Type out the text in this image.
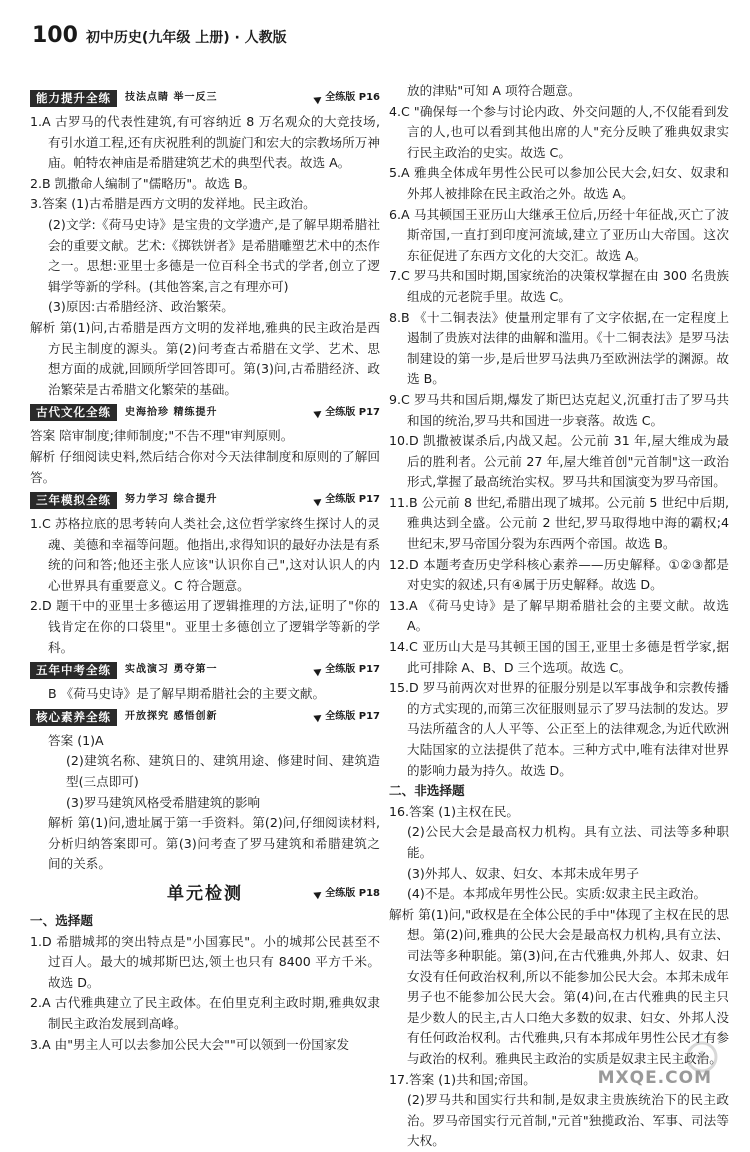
100 初中历史(九年级 上册) · 人教版
能力提升全练	技法点睛 举一反三	全练版 P16

1.A 古罗马的代表性建筑,有可容纳近 8 万名观众的大竞技场,有引水道工程,还有庆祝胜利的凯旋门和宏大的宗教场所万神庙。帕特农神庙是希腊建筑艺术的典型代表。故选 A。

2.B 凯撒命人编制了"儒略历"。故选 B。

3.答案 (1)古希腊是西方文明的发祥地。民主政治。

(2)文学:《荷马史诗》是宝贵的文学遗产,是了解早期希腊社会的重要文献。艺术:《掷铁饼者》是希腊雕塑艺术中的杰作之一。思想:亚里士多德是一位百科全书式的学者,创立了逻辑学等新的学科。(其他答案,言之有理亦可)

(3)原因:古希腊经济、政治繁荣。

解析 第(1)问,古希腊是西方文明的发祥地,雅典的民主政治是西方民主制度的源头。第(2)问考查古希腊在文学、艺术、思想方面的成就,回顾所学回答即可。第(3)问,古希腊经济、政治繁荣是古希腊文化繁荣的基础。

古代文化全练	史海拾珍 精练提升	全练版 P17

答案 陪审制度;律师制度;"不告不理"审判原则。

解析 仔细阅读史料,然后结合你对今天法律制度和原则的了解回答。

三年模拟全练	努力学习 综合提升	全练版 P17

1.C 苏格拉底的思考转向人类社会,这位哲学家终生探讨人的灵魂、美德和幸福等问题。他指出,求得知识的最好办法是有系统的问和答;他还主张人应该"认识你自己",这对认识人的内心世界具有重要意义。C 符合题意。

2.D 题干中的亚里士多德运用了逻辑推理的方法,证明了"你的钱肯定在你的口袋里"。亚里士多德创立了逻辑学等新的学科。

五年中考全练	实战演习 勇夺第一	全练版 P17

B 《荷马史诗》是了解早期希腊社会的主要文献。

核心素养全练	开放探究 感悟创新	全练版 P17

答案 (1)A

(2)建筑名称、建筑日的、建筑用途、修建时间、建筑造型(三点即可)

(3)罗马建筑风格受希腊建筑的影响

解析 第(1)问,遗址属于第一手资料。第(2)问,仔细阅读材料,分析归纳答案即可。第(3)问考查了罗马建筑和希腊建筑之间的关系。

单元检测	全练版 P18

一、选择题

1.D 希腊城邦的突出特点是"小国寡民"。小的城邦公民甚至不过百人。最大的城邦斯巴达,领土也只有 8400 平方千米。故选 D。

2.A 古代雅典建立了民主政体。在伯里克利主政时期,雅典奴隶制民主政治发展到高峰。

3.A 由"男主人可以去参加公民大会""可以领到一份国家发

放的津贴"可知 A 项符合题意。

4.C "确保每一个参与讨论内政、外交问题的人,不仅能看到发言的人,也可以看到其他出席的人"充分反映了雅典奴隶实行民主政治的史实。故选 C。

5.A 雅典全体成年男性公民可以参加公民大会,妇女、奴隶和外邦人被排除在民主政治之外。故选 A。

6.A 马其顿国王亚历山大继承王位后,历经十年征战,灭亡了波斯帝国,一直打到印度河流域,建立了亚历山大帝国。这次东征促进了东西方文化的大交汇。故选 A。

7.C 罗马共和国时期,国家统治的决策权掌握在由 300 名贵族组成的元老院手里。故选 C。

8.B 《十二铜表法》使量刑定罪有了文字依据,在一定程度上遏制了贵族对法律的曲解和滥用。《十二铜表法》是罗马法制建设的第一步,是后世罗马法典乃至欧洲法学的渊源。故选 B。

9.C 罗马共和国后期,爆发了斯巴达克起义,沉重打击了罗马共和国的统治,罗马共和国进一步衰落。故选 C。

10.D 凯撒被谋杀后,内战又起。公元前 31 年,屋大维成为最后的胜利者。公元前 27 年,屋大维首创"元首制"这一政治形式,掌握了最高统治实权。罗马共和国演变为罗马帝国。

11.B 公元前 8 世纪,希腊出现了城邦。公元前 5 世纪中后期,雅典达到全盛。公元前 2 世纪,罗马取得地中海的霸权;4 世纪末,罗马帝国分裂为东西两个帝国。故选 B。

12.D 本题考查历史学科核心素养——历史解释。①②③都是对史实的叙述,只有④属于历史解释。故选 D。

13.A 《荷马史诗》是了解早期希腊社会的主要文献。故选 A。

14.C 亚历山大是马其顿王国的国王,亚里士多德是哲学家,据此可排除 A、B、D 三个选项。故选 C。

15.D 罗马前两次对世界的征服分别是以军事战争和宗教传播的方式实现的,而第三次征服则显示了罗马法制的发达。罗马法所蕴含的人人平等、公正至上的法律观念,为近代欧洲大陆国家的立法提供了范本。三种方式中,唯有法律对世界的影响力最为持久。故选 D。

二、非选择题

16.答案 (1)主权在民。

(2)公民大会是最高权力机构。具有立法、司法等多种职能。

(3)外邦人、奴隶、妇女、本邦未成年男子

(4)不是。本邦成年男性公民。实质:奴隶主民主政治。

解析 第(1)问,"政权是在全体公民的手中"体现了主权在民的思想。第(2)问,雅典的公民大会是最高权力机构,具有立法、司法等多种职能。第(3)问,在古代雅典,外邦人、奴隶、妇女没有任何政治权利,所以不能参加公民大会。本邦未成年男子也不能参加公民大会。第(4)问,在古代雅典的民主只是少数人的民主,古人口绝大多数的奴隶、妇女、外邦人没有任何政治权利。古代雅典,只有本邦成年男性公民才有参与政治的权利。雅典民主政治的实质是奴隶主民主政治。

17.答案 (1)共和国;帝国。

(2)罗马共和国实行共和制,是奴隶主贵族统治下的民主政治。罗马帝国实行元首制,"元首"独揽政治、军事、司法等大权。

MXQE.COM
